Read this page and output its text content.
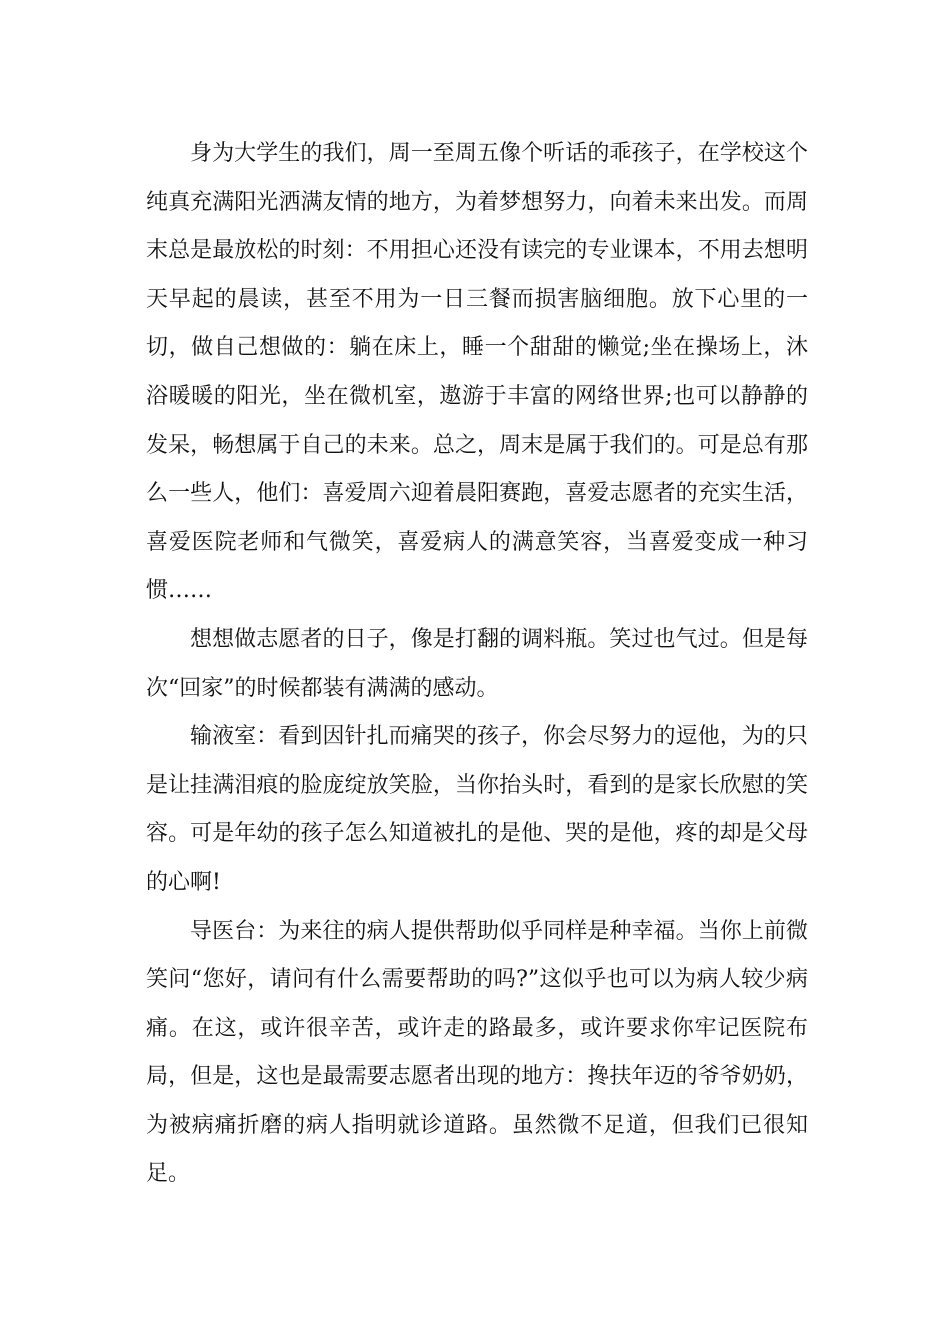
身为大学生的我们，周一至周五像个听话的乖孩子，在学校这个纯真充满阳光洒满友情的地方，为着梦想努力，向着未来出发。而周末总是最放松的时刻：不用担心还没有读完的专业课本，不用去想明天早起的晨读，甚至不用为一日三餐而损害脑细胞。放下心里的一切，做自己想做的：躺在床上，睡一个甜甜的懒觉;坐在操场上，沐浴暖暖的阳光，坐在微机室，遨游于丰富的网络世界;也可以静静的发呆，畅想属于自己的未来。总之，周末是属于我们的。可是总有那么一些人，他们：喜爱周六迎着晨阳赛跑，喜爱志愿者的充实生活，喜爱医院老师和气微笑，喜爱病人的满意笑容，当喜爱变成一种习惯……

想想做志愿者的日子，像是打翻的调料瓶。笑过也气过。但是每次“回家”的时候都装有满满的感动。

输液室：看到因针扎而痛哭的孩子，你会尽努力的逗他，为的只是让挂满泪痕的脸庞绽放笑脸，当你抬头时，看到的是家长欣慰的笑容。可是年幼的孩子怎么知道被扎的是他、哭的是他，疼的却是父母的心啊!

导医台：为来往的病人提供帮助似乎同样是种幸福。当你上前微笑问“您好，请问有什么需要帮助的吗?”这似乎也可以为病人较少病痛。在这，或许很辛苦，或许走的路最多，或许要求你牢记医院布局，但是，这也是最需要志愿者出现的地方：搀扶年迈的爷爷奶奶，为被病痛折磨的病人指明就诊道路。虽然微不足道，但我们已很知足。
